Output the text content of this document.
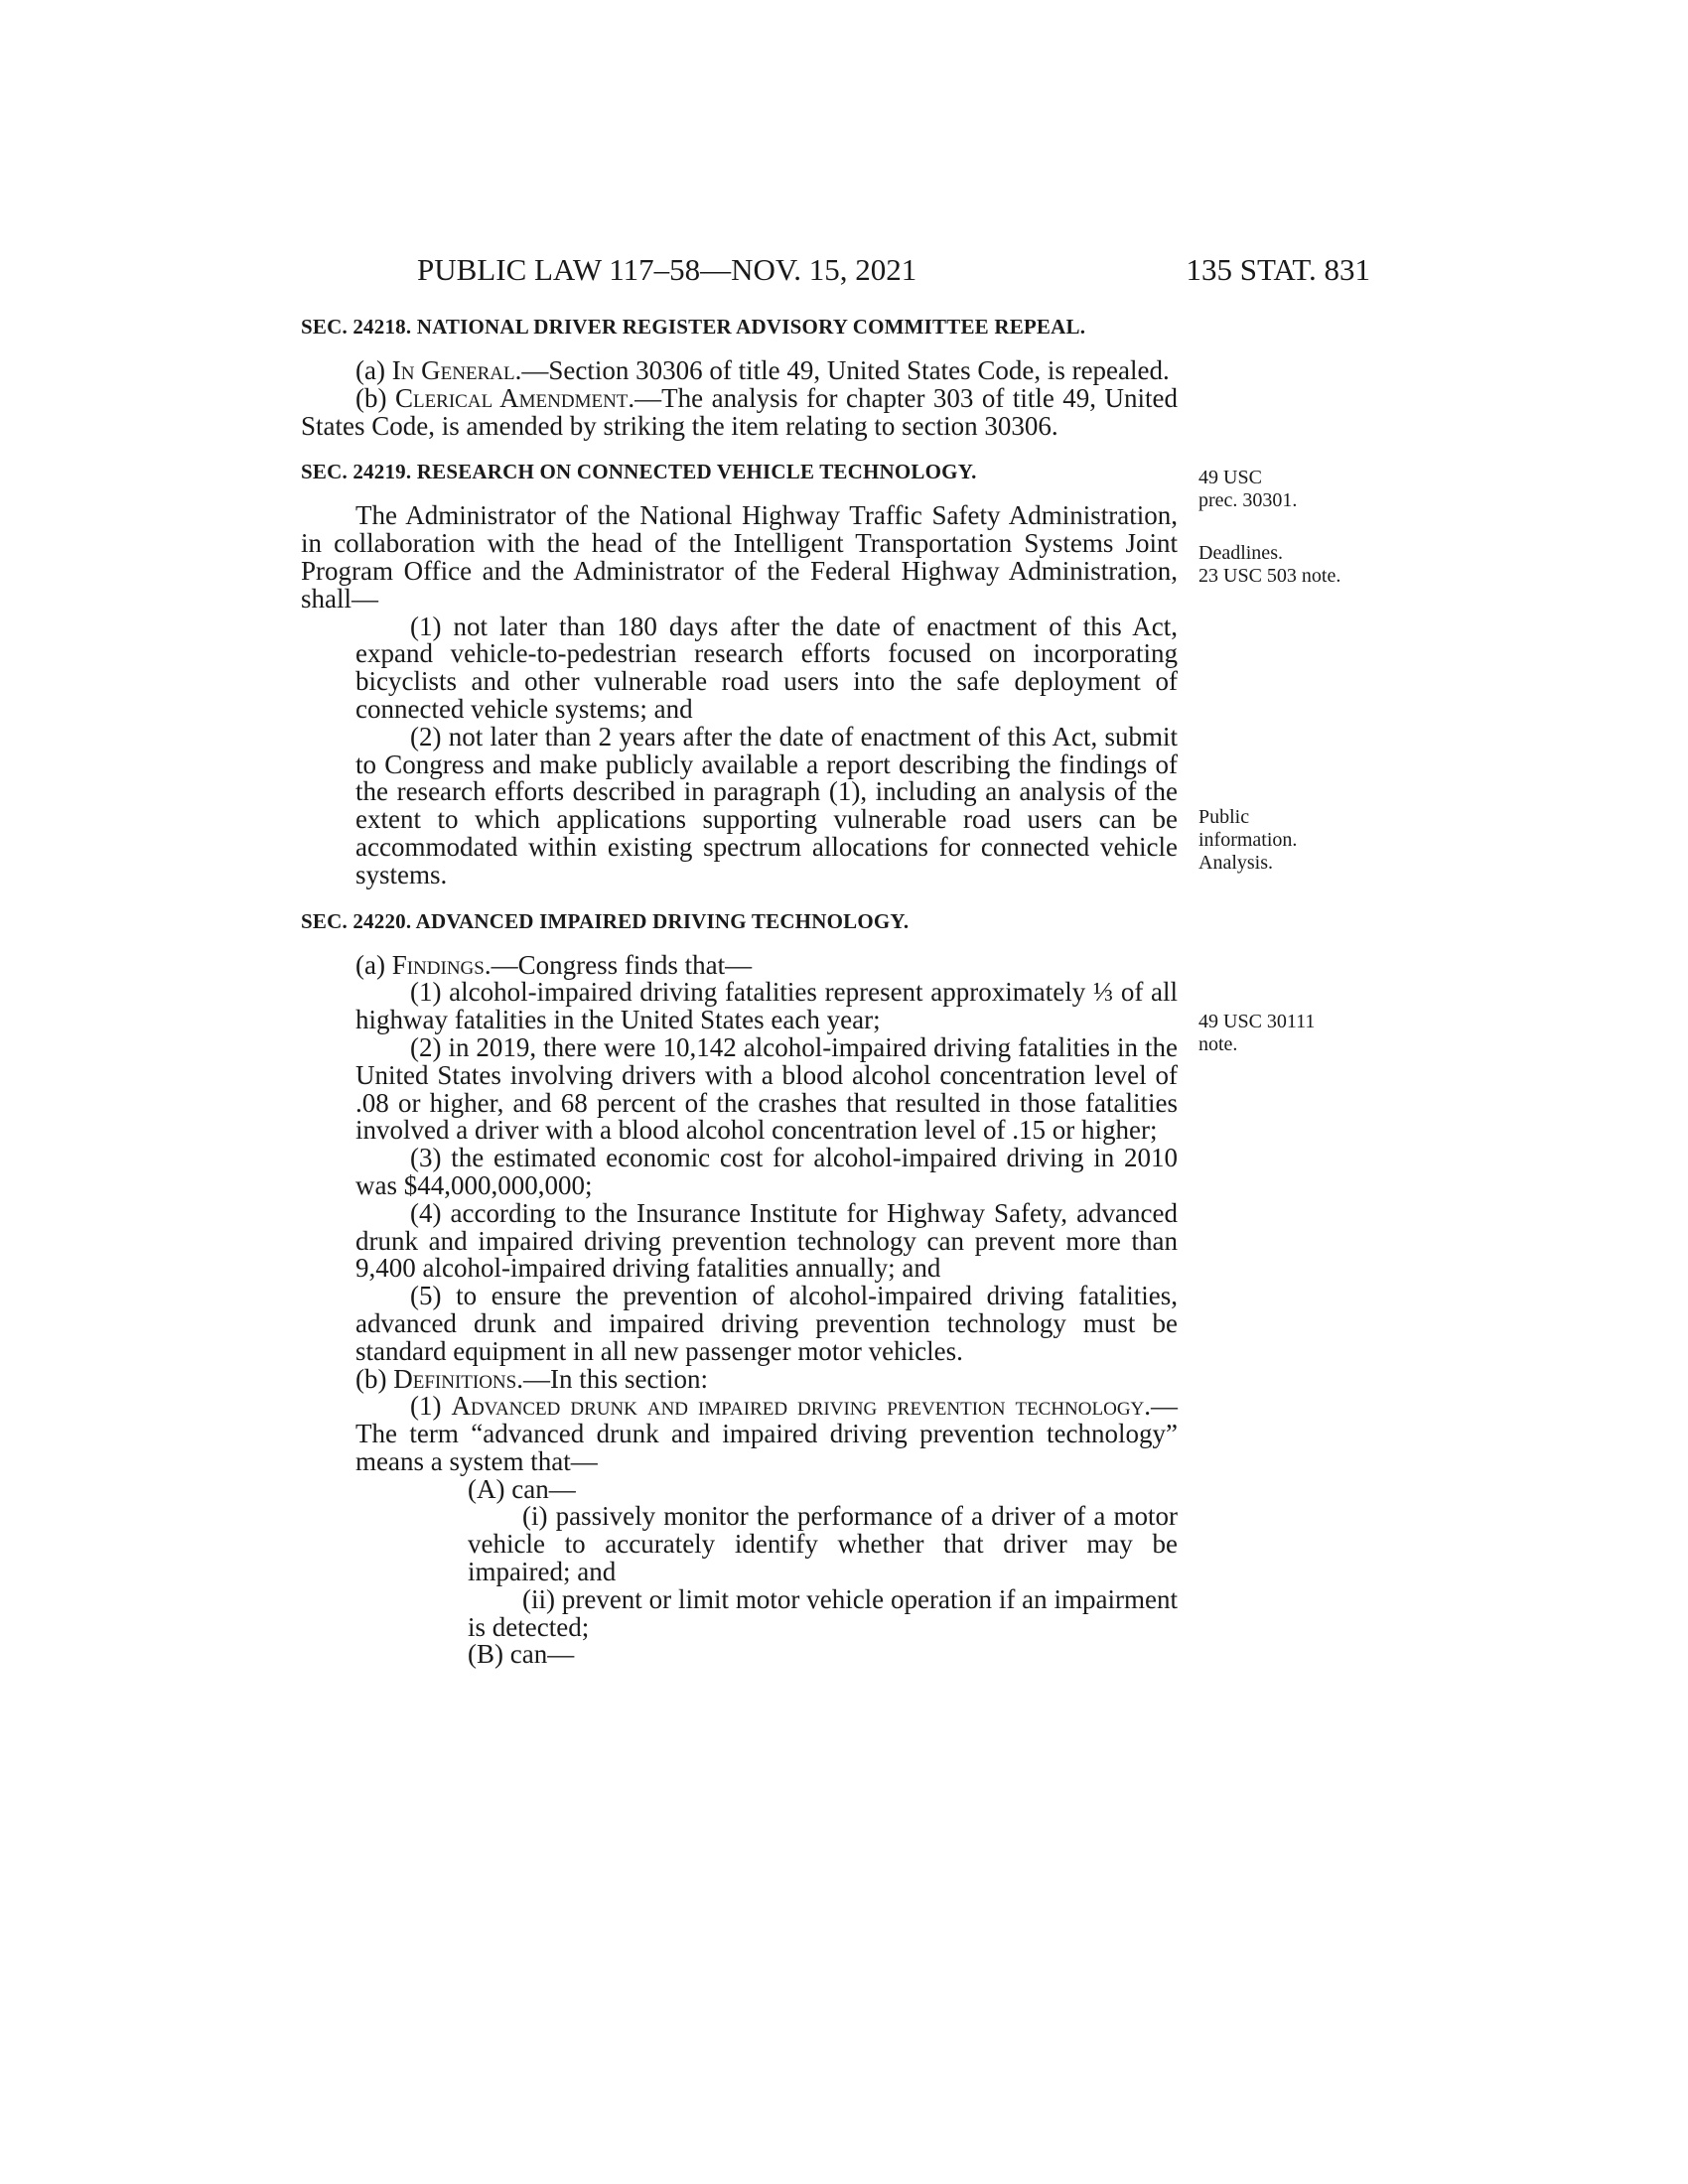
PUBLIC LAW 117–58—NOV. 15, 2021	135 STAT. 831

SEC. 24218. NATIONAL DRIVER REGISTER ADVISORY COMMITTEE REPEAL.

(a) In General.—Section 30306 of title 49, United States Code, is repealed.

(b) Clerical Amendment.—The analysis for chapter 303 of title 49, United States Code, is amended by striking the item relating to section 30306.

SEC. 24219. RESEARCH ON CONNECTED VEHICLE TECHNOLOGY.

The Administrator of the National Highway Traffic Safety Administration, in collaboration with the head of the Intelligent Transportation Systems Joint Program Office and the Administrator of the Federal Highway Administration, shall—

(1) not later than 180 days after the date of enactment of this Act, expand vehicle-to-pedestrian research efforts focused on incorporating bicyclists and other vulnerable road users into the safe deployment of connected vehicle systems; and

(2) not later than 2 years after the date of enactment of this Act, submit to Congress and make publicly available a report describing the findings of the research efforts described in paragraph (1), including an analysis of the extent to which applications supporting vulnerable road users can be accommodated within existing spectrum allocations for connected vehicle systems.

SEC. 24220. ADVANCED IMPAIRED DRIVING TECHNOLOGY.

(a) Findings.—Congress finds that—

(1) alcohol-impaired driving fatalities represent approximately ⅓ of all highway fatalities in the United States each year;

(2) in 2019, there were 10,142 alcohol-impaired driving fatalities in the United States involving drivers with a blood alcohol concentration level of .08 or higher, and 68 percent of the crashes that resulted in those fatalities involved a driver with a blood alcohol concentration level of .15 or higher;

(3) the estimated economic cost for alcohol-impaired driving in 2010 was $44,000,000,000;

(4) according to the Insurance Institute for Highway Safety, advanced drunk and impaired driving prevention technology can prevent more than 9,400 alcohol-impaired driving fatalities annually; and

(5) to ensure the prevention of alcohol-impaired driving fatalities, advanced drunk and impaired driving prevention technology must be standard equipment in all new passenger motor vehicles.

(b) Definitions.—In this section:

(1) Advanced drunk and impaired driving prevention technology.—The term “advanced drunk and impaired driving prevention technology” means a system that—

(A) can—

(i) passively monitor the performance of a driver of a motor vehicle to accurately identify whether that driver may be impaired; and

(ii) prevent or limit motor vehicle operation if an impairment is detected;

(B) can—

49 USC
prec. 30301.
Deadlines.
23 USC 503 note.
Public
information.
Analysis.
49 USC 30111
note.
